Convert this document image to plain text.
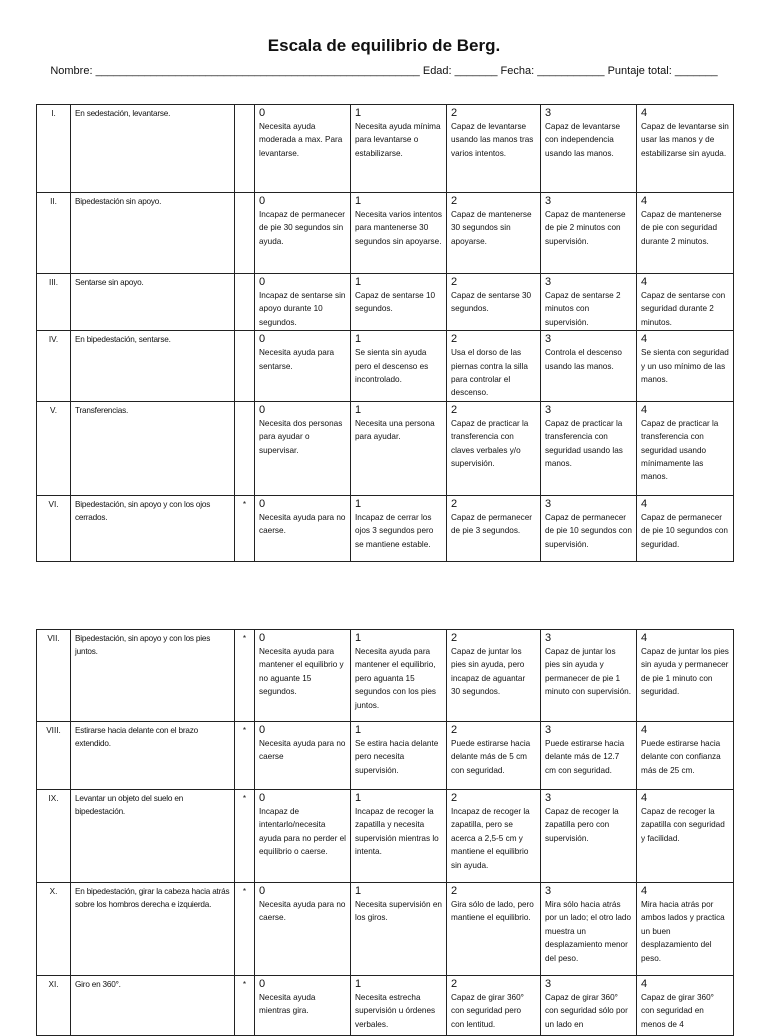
Escala de equilibrio de Berg.
Nombre: _____________________________________________________ Edad: _______ Fecha: ___________ Puntaje total: _______
I.	En sedestación, levantarse.		0
Necesita ayuda moderada a max. Para levantarse.	1
Necesita ayuda mínima para levantarse o estabilizarse.	2
Capaz de levantarse usando las manos tras varios intentos.	3
Capaz de levantarse con independencia usando las manos.	4
Capaz de levantarse sin usar las manos y de estabilizarse sin ayuda.

II.	Bipedestación sin apoyo.		0
Incapaz de permanecer de pie 30 segundos sin ayuda.	1
Necesita varios intentos para mantenerse 30 segundos sin apoyarse.	2
Capaz de mantenerse 30 segundos sin apoyarse.	3
Capaz de mantenerse de pie 2 minutos con supervisión.	4
Capaz de mantenerse de pie con seguridad durante 2 minutos.

III.	Sentarse sin apoyo.		0
Incapaz de sentarse sin apoyo durante 10 segundos.	1
Capaz de sentarse 10 segundos.	2
Capaz de sentarse 30 segundos.	3
Capaz de sentarse 2 minutos con supervisión.	4
Capaz de sentarse con seguridad durante 2 minutos.

IV.	En bipedestación, sentarse.		0
Necesita ayuda para sentarse.	1
Se sienta sin ayuda pero el descenso es incontrolado.	2
Usa el dorso de las piernas contra la silla para controlar el descenso.	3
Controla el descenso usando las manos.	4
Se sienta con seguridad y un uso mínimo de las manos.

V.	Transferencias.		0
Necesita dos personas para ayudar o supervisar.	1
Necesita una persona para ayudar.	2
Capaz de practicar la transferencia con claves verbales y/o supervisión.	3
Capaz de practicar la transferencia con seguridad usando las manos.	4
Capaz de practicar la transferencia con seguridad usando mínimamente las manos.

VI.	Bipedestación, sin apoyo y con los ojos cerrados.	*	0
Necesita ayuda para no caerse.	1
Incapaz de cerrar los ojos 3 segundos pero se mantiene estable.	2
Capaz de permanecer de pie 3 segundos.	3
Capaz de permanecer de pie 10 segundos con supervisión.	4
Capaz de permanecer de pie 10 segundos con seguridad.
VII.	Bipedestación, sin apoyo y con los pies juntos.	*	0
Necesita ayuda para mantener el equilibrio y no aguante 15 segundos.	1
Necesita ayuda para mantener el equilibrio, pero aguanta 15 segundos con los pies juntos.	2
Capaz de juntar los pies sin ayuda, pero incapaz de aguantar 30 segundos.	3
Capaz de juntar los pies sin ayuda y permanecer de pie 1 minuto con supervisión.	4
Capaz de juntar los pies sin ayuda y permanecer de pie 1 minuto con seguridad.

VIII.	Estirarse hacia delante con el brazo extendido.	*	0
Necesita ayuda para no caerse	1
Se estira hacia delante pero necesita supervisión.	2
Puede estirarse hacia delante más de 5 cm con seguridad.	3
Puede estirarse hacia delante más de 12.7 cm con seguridad.	4
Puede estirarse hacia delante con confianza más de 25 cm.

IX.	Levantar un objeto del suelo en bipedestación.	*	0
Incapaz de intentarlo/necesita ayuda para no perder el equilibrio o caerse.	1
Incapaz de recoger la zapatilla y necesita supervisión mientras lo intenta.	2
Incapaz de recoger la zapatilla, pero se acerca a 2,5-5 cm y mantiene el equilibrio sin ayuda.	3
Capaz de recoger la zapatilla pero con supervisión.	4
Capaz de recoger la zapatilla con seguridad y facilidad.

X.	En bipedestación, girar la cabeza hacia atrás sobre los hombros derecha e izquierda.	*	0
Necesita ayuda para no caerse.	1
Necesita supervisión en los giros.	2
Gira sólo de lado, pero mantiene el equilibrio.	3
Mira sólo hacia atrás por un lado; el otro lado muestra un desplazamiento menor del peso.	4
Mira hacia atrás por ambos lados y practica un buen desplazamiento del peso.

XI.	Giro en 360°.	*	0
Necesita ayuda mientras gira.	1
Necesita estrecha supervisión u órdenes verbales.	2
Capaz de girar 360° con seguridad pero con lentitud.	3
Capaz de girar 360° con seguridad sólo por un lado en	4
Capaz de girar 360° con seguridad en menos de 4
